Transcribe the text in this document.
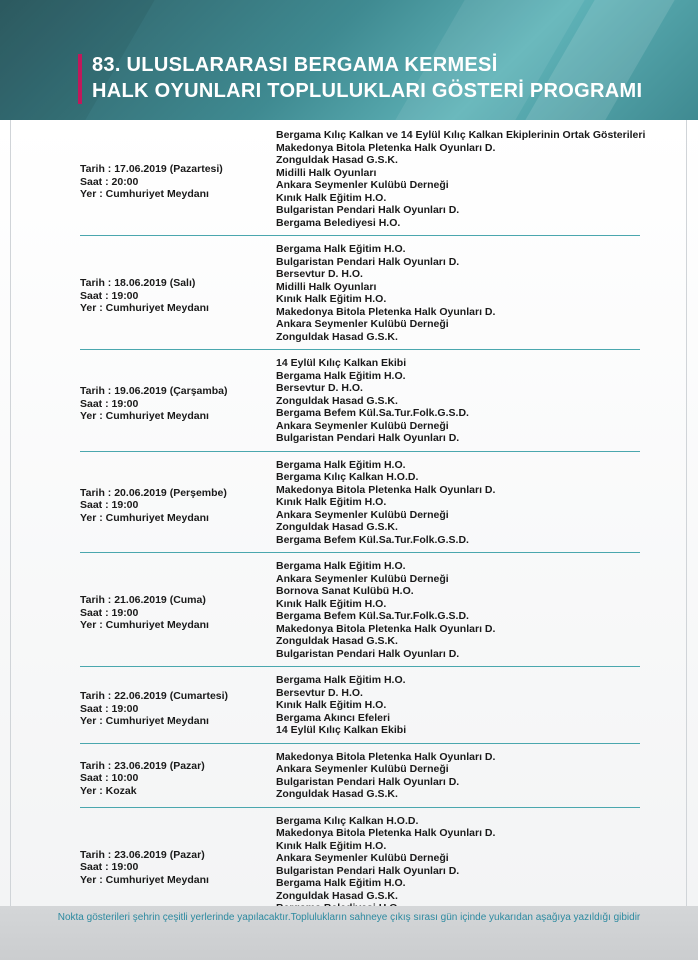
83. ULUSLARARASI BERGAMA KERMESİ
HALK OYUNLARI TOPLULUKLARI GÖSTERİ PROGRAMI
Tarih : 17.06.2019 (Pazartesi)
Saat : 20:00
Yer : Cumhuriyet Meydanı
Bergama Kılıç Kalkan ve 14 Eylül Kılıç Kalkan Ekiplerinin Ortak Gösterileri
Makedonya Bitola Pletenka Halk Oyunları D.
Zonguldak Hasad G.S.K.
Midilli Halk Oyunları
Ankara Seymenler Kulübü Derneği
Kınık Halk Eğitim H.O.
Bulgaristan Pendari Halk Oyunları D.
Bergama Belediyesi H.O.
Tarih : 18.06.2019 (Salı)
Saat : 19:00
Yer : Cumhuriyet Meydanı
Bergama Halk Eğitim H.O.
Bulgaristan Pendari Halk Oyunları D.
Bersevtur D. H.O.
Midilli Halk Oyunları
Kınık Halk Eğitim H.O.
Makedonya Bitola Pletenka Halk Oyunları D.
Ankara Seymenler Kulübü Derneği
Zonguldak Hasad G.S.K.
Tarih : 19.06.2019 (Çarşamba)
Saat : 19:00
Yer : Cumhuriyet Meydanı
14 Eylül Kılıç Kalkan Ekibi
Bergama Halk Eğitim H.O.
Bersevtur D. H.O.
Zonguldak Hasad G.S.K.
Bergama Befem Kül.Sa.Tur.Folk.G.S.D.
Ankara Seymenler Kulübü Derneği
Bulgaristan Pendari Halk Oyunları D.
Tarih : 20.06.2019 (Perşembe)
Saat : 19:00
Yer : Cumhuriyet Meydanı
Bergama Halk Eğitim H.O.
Bergama Kılıç Kalkan H.O.D.
Makedonya Bitola Pletenka Halk Oyunları D.
Kınık Halk Eğitim H.O.
Ankara Seymenler Kulübü Derneği
Zonguldak Hasad G.S.K.
Bergama Befem Kül.Sa.Tur.Folk.G.S.D.
Tarih : 21.06.2019 (Cuma)
Saat : 19:00
Yer : Cumhuriyet Meydanı
Bergama Halk Eğitim H.O.
Ankara Seymenler Kulübü Derneği
Bornova Sanat Kulübü H.O.
Kınık Halk Eğitim H.O.
Bergama Befem Kül.Sa.Tur.Folk.G.S.D.
Makedonya Bitola Pletenka Halk Oyunları D.
Zonguldak Hasad G.S.K.
Bulgaristan Pendari Halk Oyunları D.
Tarih : 22.06.2019 (Cumartesi)
Saat : 19:00
Yer : Cumhuriyet Meydanı
Bergama Halk Eğitim H.O.
Bersevtur D. H.O.
Kınık Halk Eğitim H.O.
Bergama Akıncı Efeleri
14 Eylül Kılıç Kalkan Ekibi
Tarih : 23.06.2019 (Pazar)
Saat : 10:00
Yer : Kozak
Makedonya Bitola Pletenka Halk Oyunları D.
Ankara Seymenler Kulübü Derneği
Bulgaristan Pendari Halk Oyunları D.
Zonguldak Hasad G.S.K.
Tarih : 23.06.2019 (Pazar)
Saat : 19:00
Yer : Cumhuriyet Meydanı
Bergama Kılıç Kalkan H.O.D.
Makedonya Bitola Pletenka Halk Oyunları D.
Kınık Halk Eğitim H.O.
Ankara Seymenler Kulübü Derneği
Bulgaristan Pendari Halk Oyunları D.
Bergama Halk Eğitim H.O.
Zonguldak Hasad G.S.K.
Nokta gösterileri şehrin çeşitli yerlerinde yapılacaktır.Toplulukların sahneye çıkış sırası gün içinde yukarıdan aşağıya yazıldığı gibidir
